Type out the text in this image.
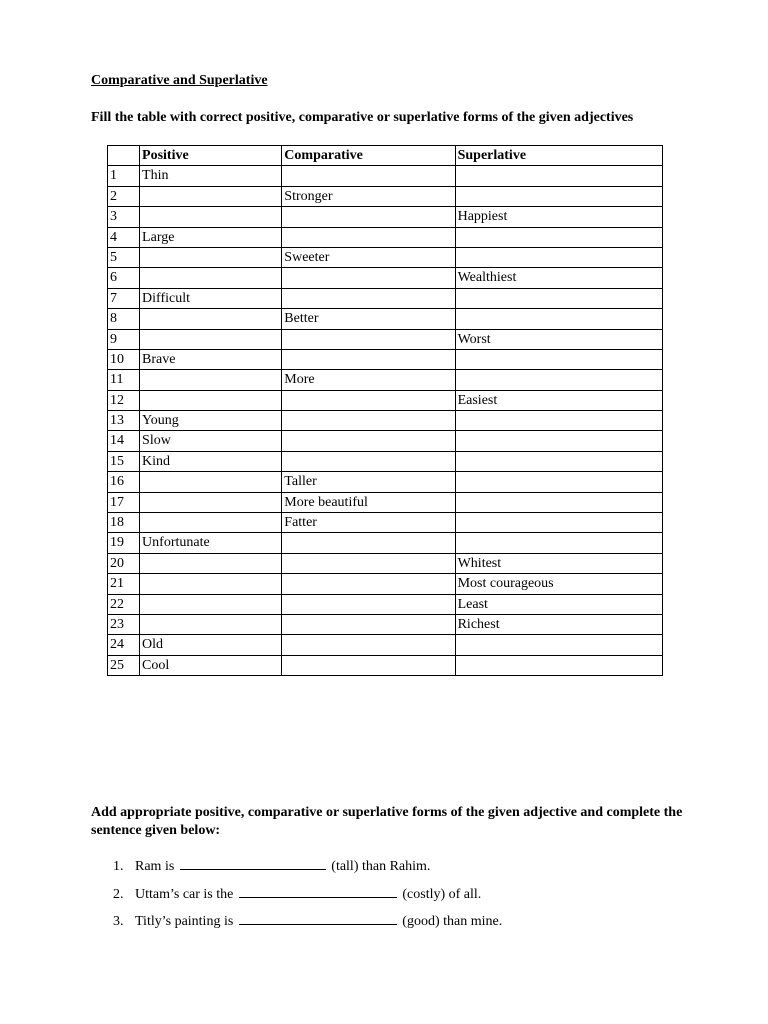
Comparative and Superlative
Fill the table with correct positive, comparative or superlative forms of the given adjectives
	Positive	Comparative	Superlative
1	Thin		
2		Stronger	
3			Happiest
4	Large		
5		Sweeter	
6			Wealthiest
7	Difficult		
8		Better	
9			Worst
10	Brave		
11		More	
12			Easiest
13	Young		
14	Slow		
15	Kind		
16		Taller	
17		More beautiful	
18		Fatter	
19	Unfortunate		
20			Whitest
21			Most courageous
22			Least
23			Richest
24	Old		
25	Cool		
Add appropriate positive, comparative or superlative forms of the given adjective and complete the sentence given below:
1. Ram is	(tall) than Rahim.
2. Uttam’s car is the	(costly) of all.
3. Titly’s painting is	(good) than mine.
